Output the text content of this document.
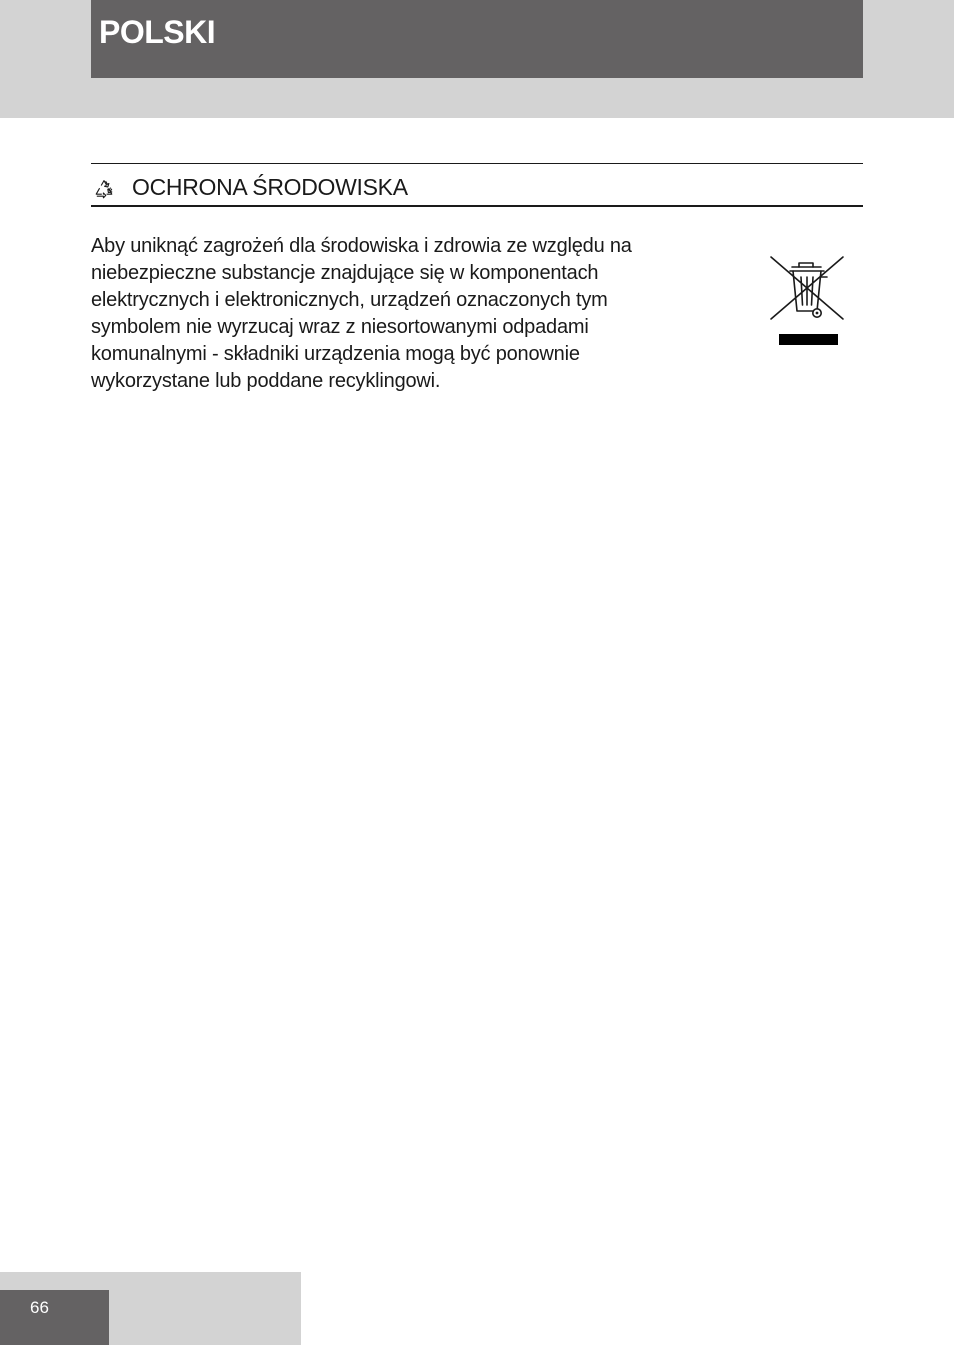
POLSKI
OCHRONA ŚRODOWISKA
Aby uniknąć zagrożeń dla środowiska i zdrowia ze względu na
niebezpieczne substancje znajdujące się w komponentach
elektrycznych i elektronicznych, urządzeń oznaczonych tym
symbolem nie wyrzucaj wraz z niesortowanymi odpadami
komunalnymi - składniki urządzenia mogą być ponownie
wykorzystane lub poddane recyklingowi.
66
